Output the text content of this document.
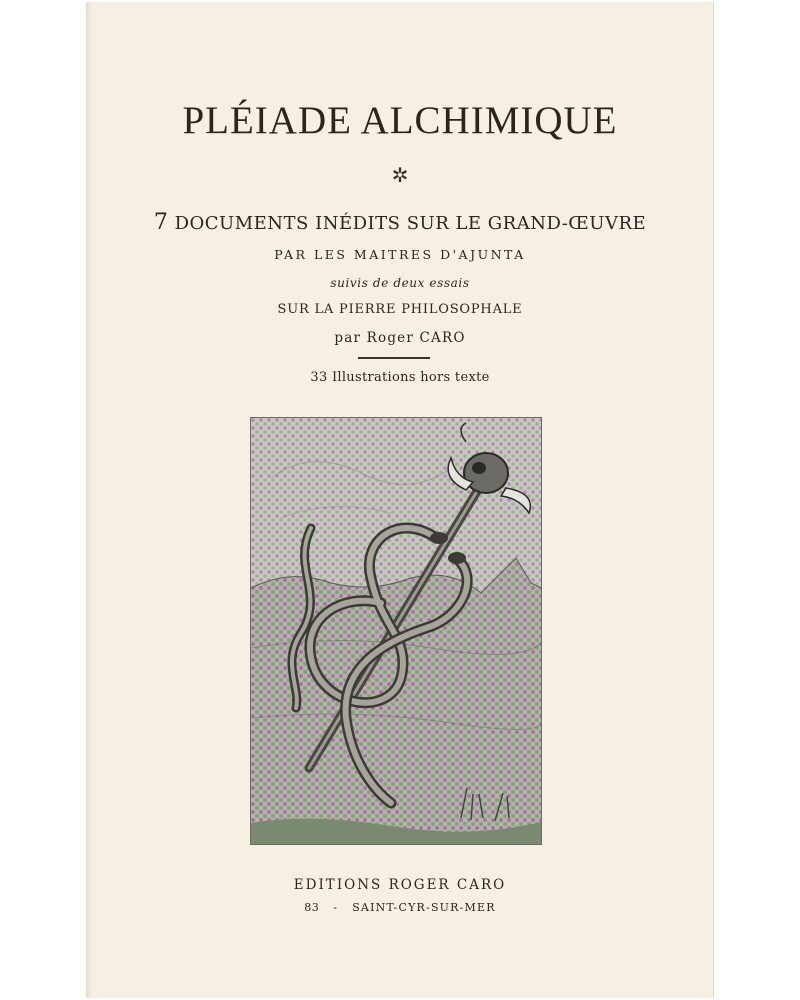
PLÉIADE ALCHIMIQUE
✲
7 DOCUMENTS INÉDITS SUR LE GRAND-ŒUVRE
PAR LES MAITRES D'AJUNTA
suivis de deux essais
SUR LA PIERRE PHILOSOPHALE
par Roger CARO
33 Illustrations hors texte
EDITIONS ROGER CARO
83 - SAINT-CYR-SUR-MER
